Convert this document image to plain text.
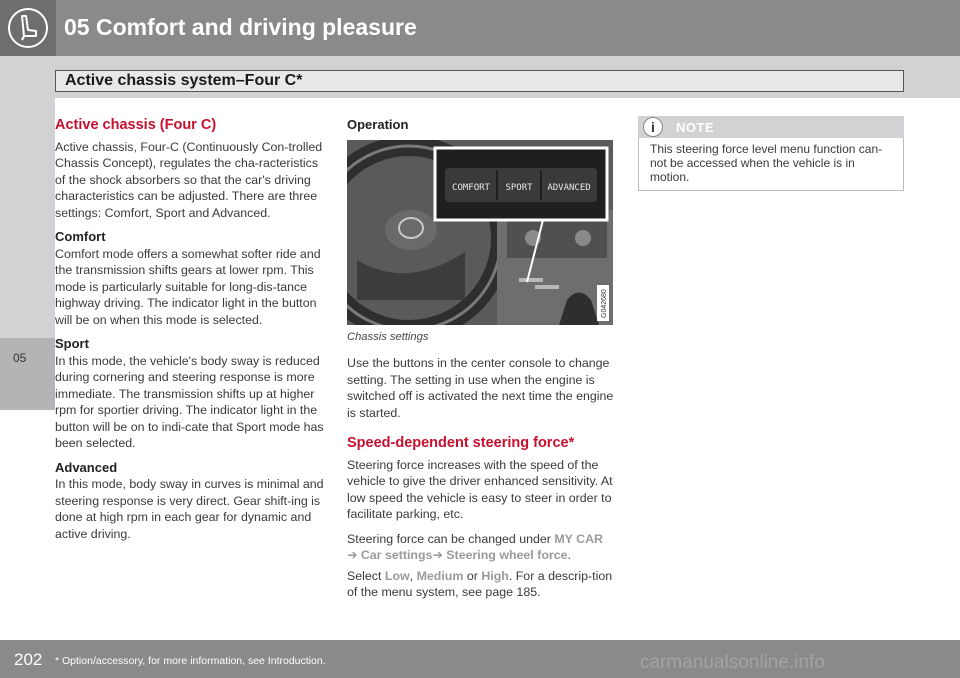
05 Comfort and driving pleasure
Active chassis system–Four C*
05
Active chassis (Four C)

Active chassis, Four-C (Continuously Con-trolled Chassis Concept), regulates the cha-racteristics of the shock absorbers so that the car's driving characteristics can be adjusted. There are three settings: Comfort, Sport and Advanced.

Comfort

Comfort mode offers a somewhat softer ride and the transmission shifts gears at lower rpm. This mode is particularly suitable for long-dis-tance highway driving. The indicator light in the button will be on when this mode is selected.

Sport

In this mode, the vehicle's body sway is reduced during cornering and steering response is more immediate. The transmission shifts up at higher rpm for sportier driving. The indicator light in the button will be on to indi-cate that Sport mode has been selected.

Advanced

In this mode, body sway in curves is minimal and steering response is very direct. Gear shift-ing is done at high rpm in each gear for dynamic and active driving.

Operation
COMFORT SPORT ADVANCED
G042680
Chassis settings

Use the buttons in the center console to change setting. The setting in use when the engine is switched off is activated the next time the engine is started.

Speed-dependent steering force*

Steering force increases with the speed of the vehicle to give the driver enhanced sensitivity. At low speed the vehicle is easy to steer in order to facilitate parking, etc.

Steering force can be changed under MY CAR
➔ Car settings➔ Steering wheel force.

Select Low, Medium or High. For a descrip-tion of the menu system, see page 185.

i	NOTE
This steering force level menu function can-not be accessed when the vehicle is in motion.
202 * Option/accessory, for more information, see Introduction.	carmanualsonline.info
